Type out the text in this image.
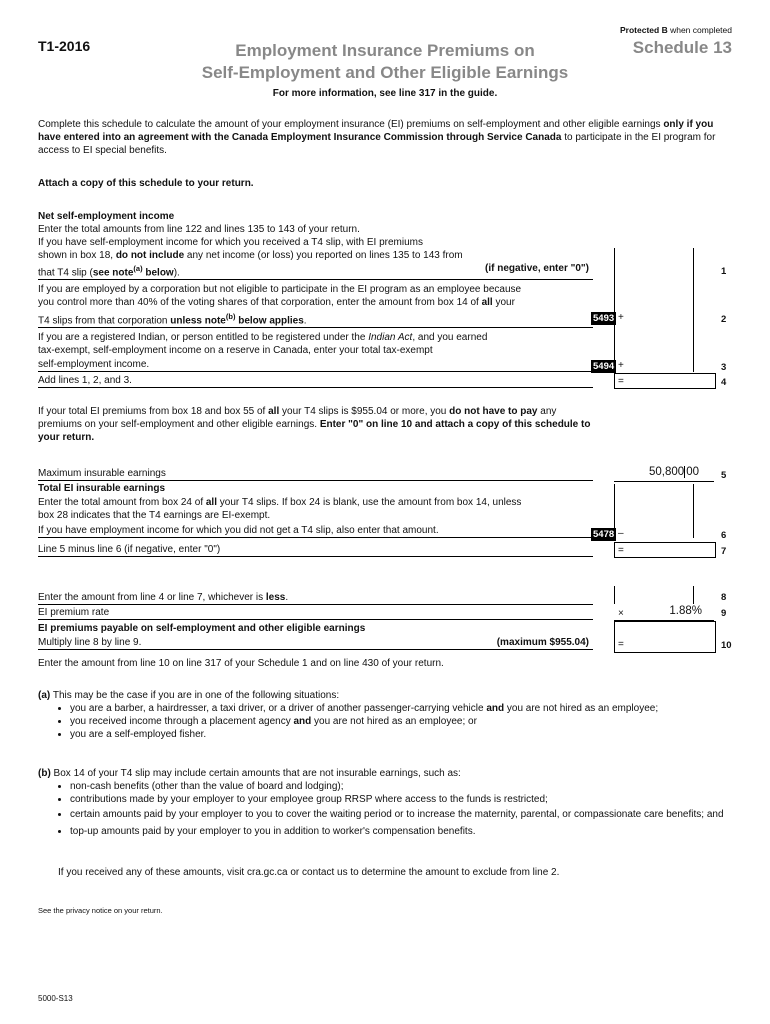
Protected B when completed
T1-2016	Employment Insurance Premiums on
Self-Employment and Other Eligible Earnings
Schedule 13
For more information, see line 317 in the guide.
Complete this schedule to calculate the amount of your employment insurance (EI) premiums on self-employment and other eligible earnings only if you have entered into an agreement with the Canada Employment Insurance Commission through Service Canada to participate in the EI program for access to EI special benefits.
Attach a copy of this schedule to your return.
Net self-employment income
Enter the total amounts from line 122 and lines 135 to 143 of your return.
If you have self-employment income for which you received a T4 slip, with EI premiums
shown in box 18, do not include any net income (or loss) you reported on lines 135 to 143 from
that T4 slip (see note$^{(a)}$ below).	(if negative, enter "0")	1
If you are employed by a corporation but not eligible to participate in the EI program as an employee because
you control more than 40% of the voting shares of that corporation, enter the amount from box 14 of all your
T4 slips from that corporation unless note$^{(b)}$ below applies.	5493 +	2
If you are a registered Indian, or person entitled to be registered under the Indian Act, and you earned
tax-exempt, self-employment income on a reserve in Canada, enter your total tax-exempt
self-employment income.	5494 +	3
Add lines 1, 2, and 3.	=	4
If your total EI premiums from box 18 and box 55 of all your T4 slips is $955.04 or more, you do not have to pay any premiums on your self-employment and other eligible earnings. Enter "0" on line 10 and attach a copy of this schedule to your return.
Maximum insurable earnings	50,800 00 5
Total EI insurable earnings
Enter the total amount from box 24 of all your T4 slips. If box 24 is blank, use the amount from box 14, unless
box 28 indicates that the T4 earnings are EI-exempt.
If you have employment income for which you did not get a T4 slip, also enter that amount.	5478 –	6
Line 5 minus line 6 (if negative, enter "0")	=	7
Enter the amount from line 4 or line 7, whichever is less.	8
EI premium rate	×	1.88% 9
EI premiums payable on self-employment and other eligible earnings
Multiply line 8 by line 9.	(maximum $955.04)	=	10
Enter the amount from line 10 on line 317 of your Schedule 1 and on line 430 of your return.
(a) This may be the case if you are in one of the following situations:
• you are a barber, a hairdresser, a taxi driver, or a driver of another passenger-carrying vehicle and you are not hired as an employee;
• you received income through a placement agency and you are not hired as an employee; or
• you are a self-employed fisher.
(b) Box 14 of your T4 slip may include certain amounts that are not insurable earnings, such as:
• non-cash benefits (other than the value of board and lodging);
• contributions made by your employer to your employee group RRSP where access to the funds is restricted;
• certain amounts paid by your employer to you to cover the waiting period or to increase the maternity, parental, or compassionate care benefits; and
• top-up amounts paid by your employer to you in addition to worker's compensation benefits.
If you received any of these amounts, visit cra.gc.ca or contact us to determine the amount to exclude from line 2.
See the privacy notice on your return.
5000-S13
